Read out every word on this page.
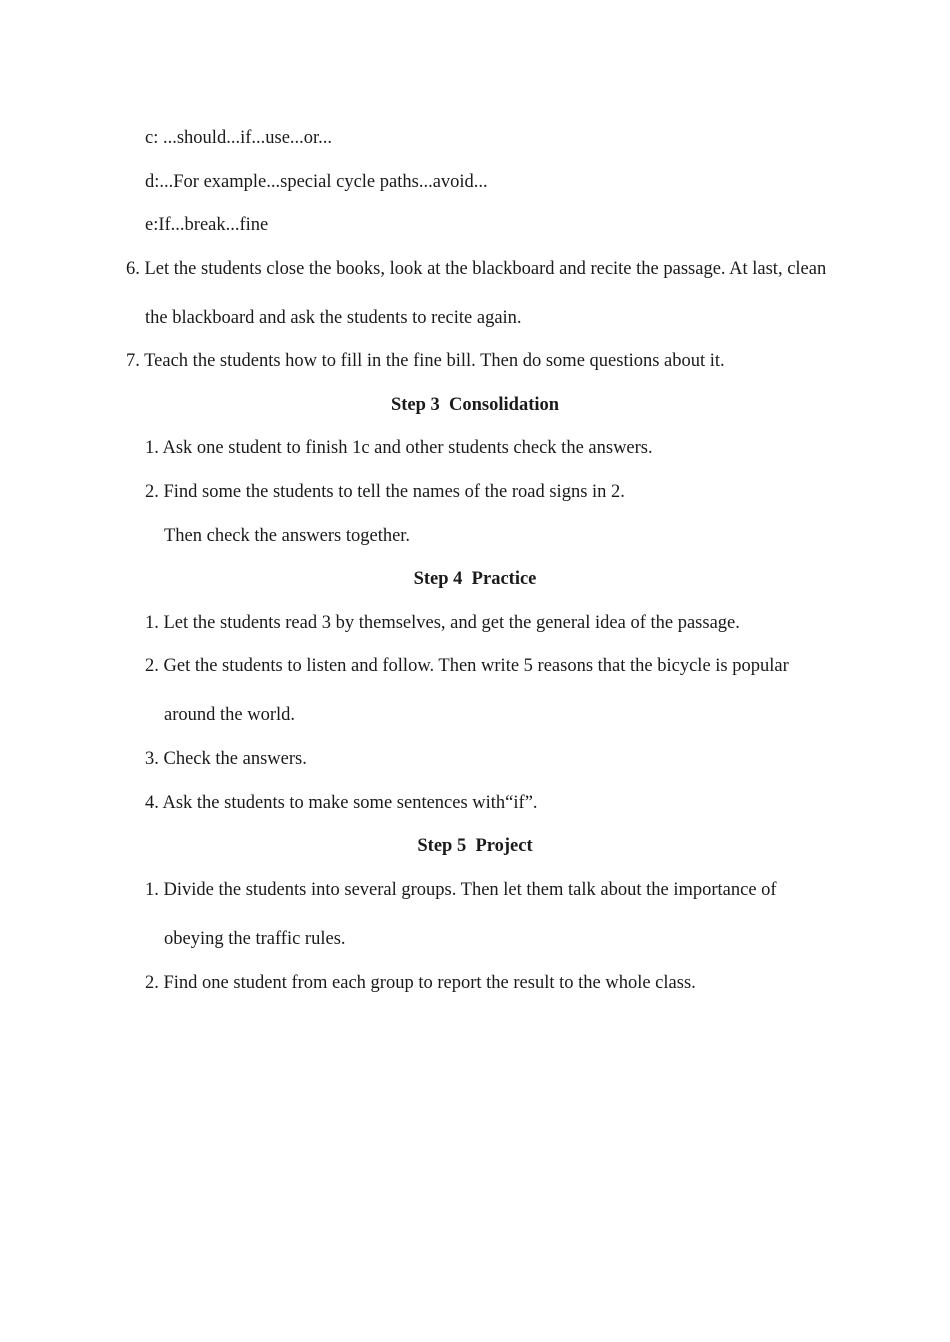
c: ...should...if...use...or...
d:...For example...special cycle paths...avoid...
e:If...break...fine
6. Let the students close the books, look at the blackboard and recite the passage. At last, clean
the blackboard and ask the students to recite again.
7. Teach the students how to fill in the fine bill. Then do some questions about it.
Step 3  Consolidation
1. Ask one student to finish 1c and other students check the answers.
2. Find some the students to tell the names of the road signs in 2.
Then check the answers together.
Step 4  Practice
1. Let the students read 3 by themselves, and get the general idea of the passage.
2. Get the students to listen and follow. Then write 5 reasons that the bicycle is popular
around the world.
3. Check the answers.
4. Ask the students to make some sentences with“if”.
Step 5  Project
1. Divide the students into several groups. Then let them talk about the importance of
obeying the traffic rules.
2. Find one student from each group to report the result to the whole class.
